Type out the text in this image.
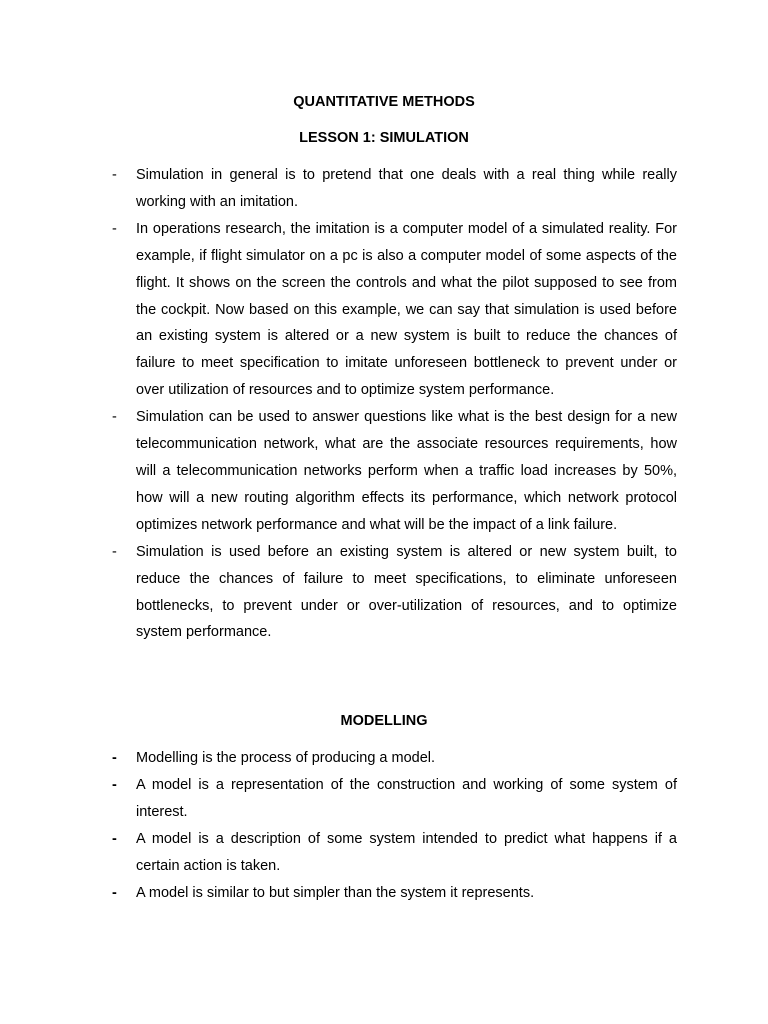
QUANTITATIVE METHODS
LESSON 1: SIMULATION
-	Simulation in general is to pretend that one deals with a real thing while really working with an imitation.
-	In operations research, the imitation is a computer model of a simulated reality. For example, if flight simulator on a pc is also a computer model of some aspects of the flight. It shows on the screen the controls and what the pilot supposed to see from the cockpit. Now based on this example, we can say that simulation is used before an existing system is altered or a new system is built to reduce the chances of failure to meet specification to imitate unforeseen bottleneck to prevent under or over utilization of resources and to optimize system performance.
-	Simulation can be used to answer questions like what is the best design for a new telecommunication network, what are the associate resources requirements, how will a telecommunication networks perform when a traffic load increases by 50%, how will a new routing algorithm effects its performance, which network protocol optimizes network performance and what will be the impact of a link failure.
-	Simulation is used before an existing system is altered or new system built, to reduce the chances of failure to meet specifications, to eliminate unforeseen bottlenecks, to prevent under or over-utilization of resources, and to optimize system performance.
MODELLING
-	Modelling is the process of producing a model.
-	A model is a representation of the construction and working of some system of interest.
-	A model is a description of some system intended to predict what happens if a certain action is taken.
-	A model is similar to but simpler than the system it represents.
